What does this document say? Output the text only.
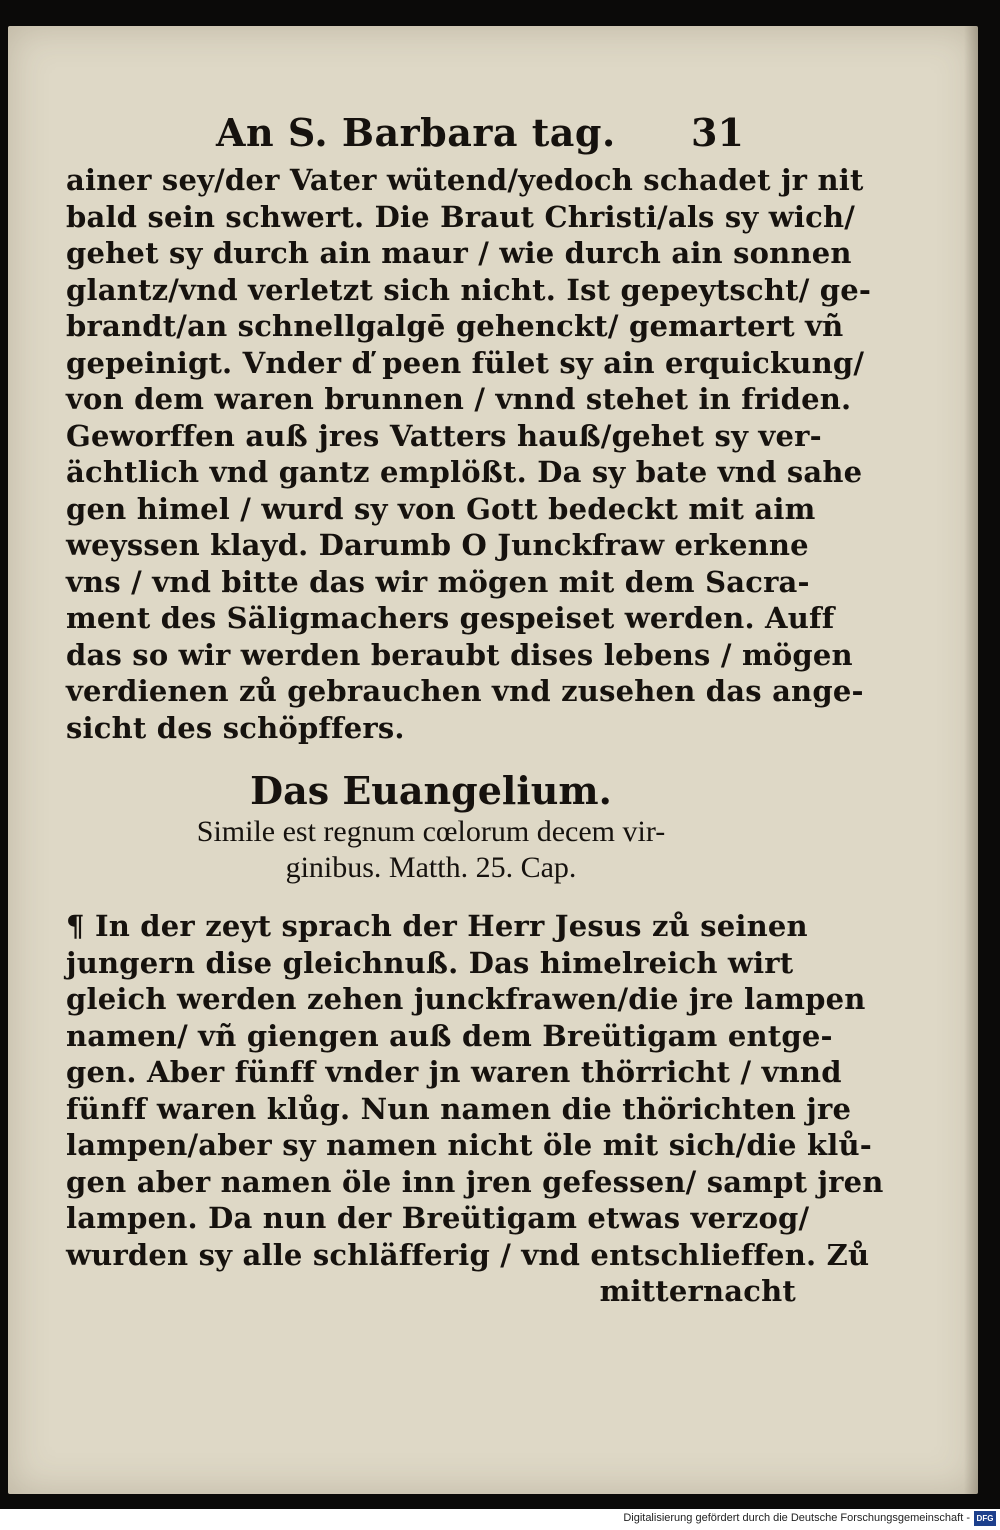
An S. Barbara tag. 31
ainer sey/der Vater wütend/yedoch schadet jr nit
bald sein schwert. Die Braut Christi/als sy wich/
gehet sy durch ain maur / wie durch ain sonnen
glantz/vnd verletzt sich nicht. Ist gepeytscht/ ge-
brandt/an schnellgalgē gehenckt/ gemartert vñ
gepeinigt. Vnder ď peen fület sy ain erquickung/
von dem waren brunnen / vnnd stehet in friden.
Geworffen auß jres Vatters hauß/gehet sy ver-
ächtlich vnd gantz emplößt. Da sy bate vnd sahe
gen himel / wurd sy von Gott bedeckt mit aim
weyssen klayd. Darumb O Junckfraw erkenne
vns / vnd bitte das wir mögen mit dem Sacra-
ment des Säligmachers gespeiset werden. Auff
das so wir werden beraubt dises lebens / mögen
verdienen zů gebrauchen vnd zusehen das ange-
sicht des schöpffers.
Das Euangelium.
Simile est regnum cœlorum decem vir-
ginibus. Matth. 25. Cap.
¶ In der zeyt sprach der Herr Jesus zů seinen
jungern dise gleichnuß. Das himelreich wirt
gleich werden zehen junckfrawen/die jre lampen
namen/ vñ giengen auß dem Breütigam entge-
gen. Aber fünff vnder jn waren thörricht / vnnd
fünff waren klůg. Nun namen die thörichten jre
lampen/aber sy namen nicht öle mit sich/die klů-
gen aber namen öle inn jren gefessen/ sampt jren
lampen. Da nun der Breütigam etwas verzog/
wurden sy alle schläfferig / vnd entschlieffen. Zů
mitternacht
Digitalisierung gefördert durch die Deutsche Forschungsgemeinschaft - DFG
